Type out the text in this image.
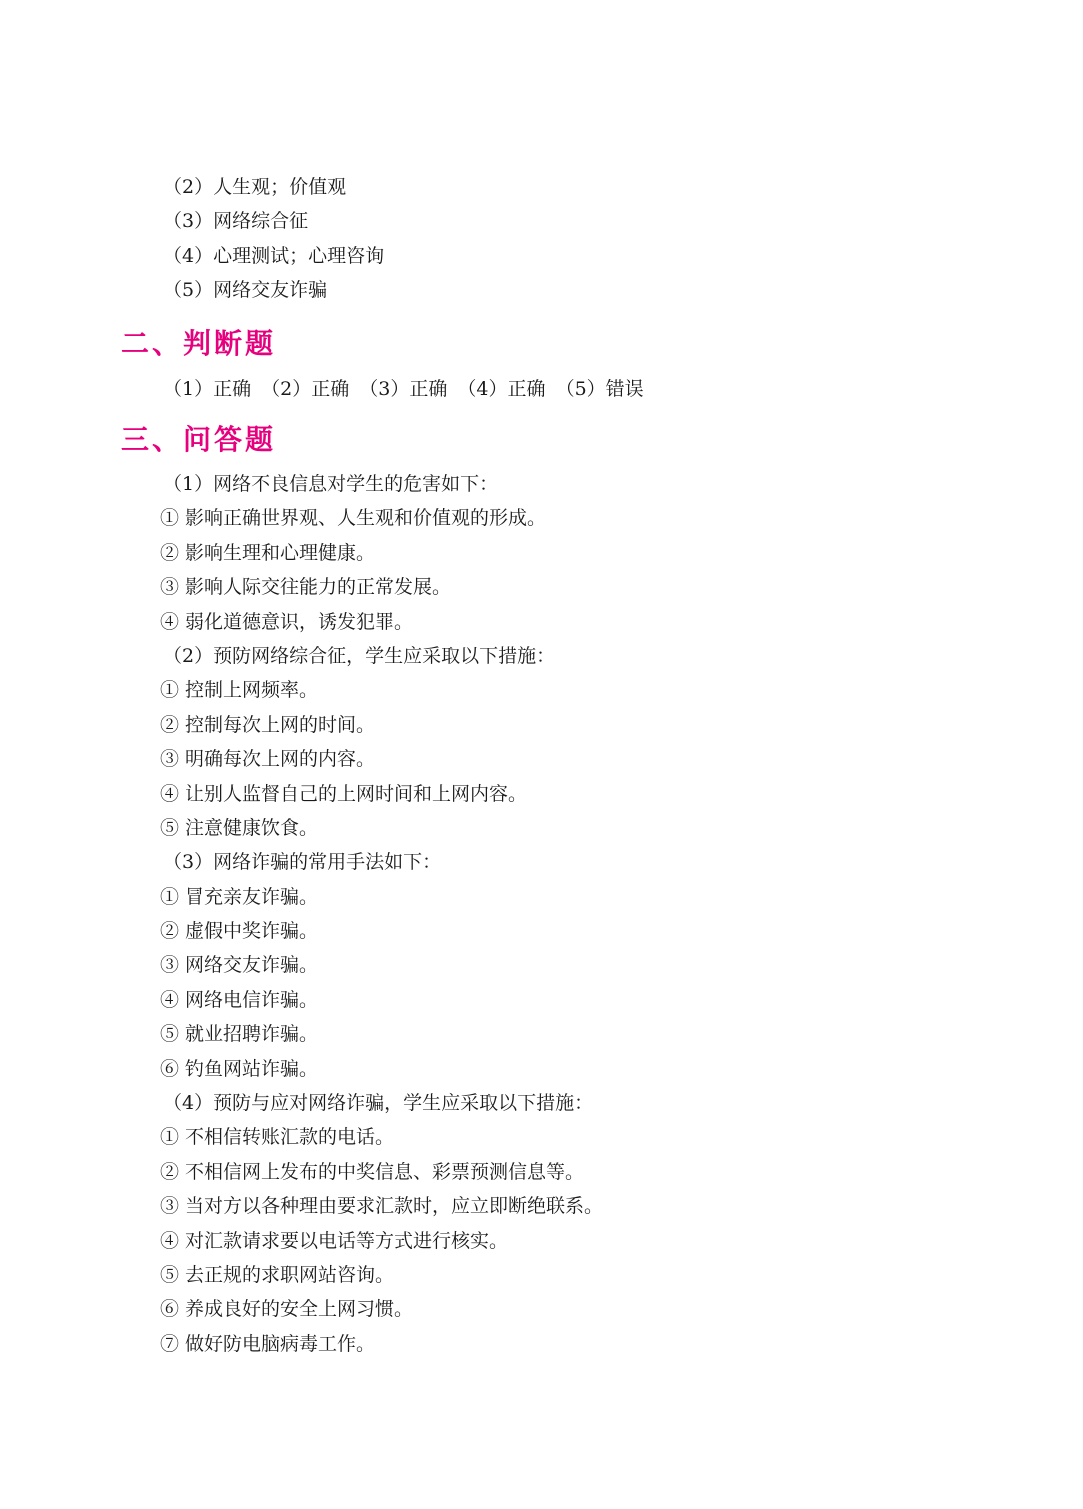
（2）人生观；价值观
（3）网络综合征
（4）心理测试；心理咨询
（5）网络交友诈骗
二、判断题
（1）正确 （2）正确 （3）正确 （4）正确 （5）错误
三、问答题
（1）网络不良信息对学生的危害如下：
① 影响正确世界观、人生观和价值观的形成。
② 影响生理和心理健康。
③ 影响人际交往能力的正常发展。
④ 弱化道德意识，诱发犯罪。
（2）预防网络综合征，学生应采取以下措施：
① 控制上网频率。
② 控制每次上网的时间。
③ 明确每次上网的内容。
④ 让别人监督自己的上网时间和上网内容。
⑤ 注意健康饮食。
（3）网络诈骗的常用手法如下：
① 冒充亲友诈骗。
② 虚假中奖诈骗。
③ 网络交友诈骗。
④ 网络电信诈骗。
⑤ 就业招聘诈骗。
⑥ 钓鱼网站诈骗。
（4）预防与应对网络诈骗，学生应采取以下措施：
① 不相信转账汇款的电话。
② 不相信网上发布的中奖信息、彩票预测信息等。
③ 当对方以各种理由要求汇款时，应立即断绝联系。
④ 对汇款请求要以电话等方式进行核实。
⑤ 去正规的求职网站咨询。
⑥ 养成良好的安全上网习惯。
⑦ 做好防电脑病毒工作。
